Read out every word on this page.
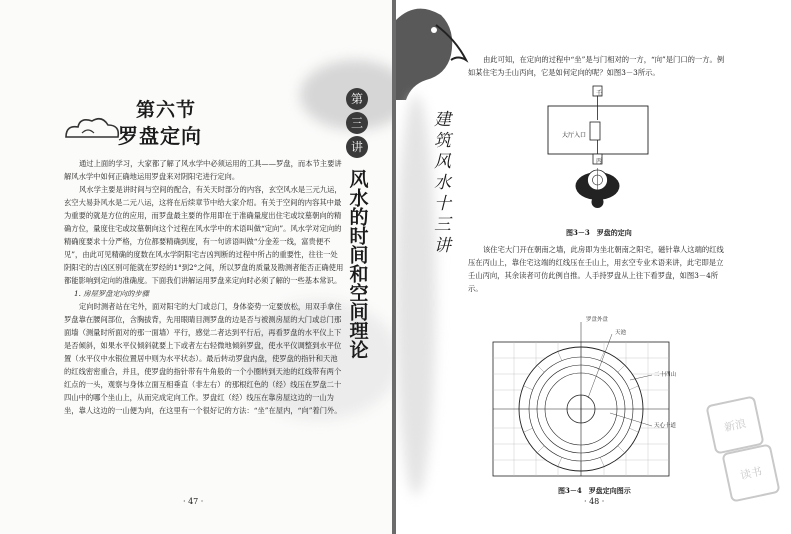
第六节
罗盘定向
第
三
讲
风水的时间和空间理论

通过上面的学习，大家都了解了风水学中必须运用的工具——罗盘，而本节主要讲解风水学中如何正确地运用罗盘来对阴阳宅进行定向。

风水学主要是讲时间与空间的配合，有关天时部分的内容，玄空风水是三元九运，玄空大易卦风水是二元八运，这将在后续章节中给大家介绍。有关于空间的内容其中最为重要的就是方位的应用，而罗盘最主要的作用即在于准确量度出住宅或坟墓朝向的精确方位，量度住宅或坟墓朝向这个过程在风水学中的术语叫做“定向”。风水学对定向的精确度要求十分严格，方位都要精确到度，有一句谚语叫做“分金差一线，富贵便不见”，由此可见精确的度数在风水学阴阳宅吉凶判断的过程中所占的重要性，往往一处阴阳宅的吉凶区别可能就在罗经的1°到2°之间，所以罗盘的质量及勘测者能否正确使用都能影响到定向的准确度。下面我们讲解运用罗盘来定向时必须了解的一些基本常识。

1. 房屋罗盘定向的步骤

定向时测者站在宅外，面对阳宅的大门或总门，身体姿势一定要放松，用双手拿住罗盘靠在腰间部位，含胸拔背，先用眼睛目测罗盘的边是否与被测房屋的大门或总门那面墙（测量时所面对的那一面墙）平行，感觉二者达到平行后，再看罗盘的水平仪上下是否倾斜，如果水平仪倾斜就要上下或者左右轻微地倾斜罗盘，使水平仪调整到水平位置（水平仪中水银位置居中则为水平状态）。最后转动罗盘内盘，使罗盘的指针和天池的红线密密重合，并且，使罗盘的指针带有牛角般的一个小圈转到天池的红线带有两个红点的一头，观察与身体立面互相垂直（非左右）的那根红色的（经）线压在罗盘二十四山中的哪个坐山上，从而完成定向工作。罗盘红（经）线压在靠房屋这边的一山为坐，靠人这边的一山便为向，在这里有一个很好记的方法：“坐”在屋内，“向”着门外。

· 47 ·
建筑风水十三讲

由此可知，在定向的过程中“坐”是与门相对的一方，“向”是门口的一方。例如某住宅为壬山丙向，它是如何定向的呢？如图3－3所示。

壬
大厅入口
丙
图3－3　罗盘的定向

该住宅大门开在朝南之墙，此房即为坐北朝南之阳宅，磁针靠人这端的红线压在丙山上，靠住宅这端的红线压在壬山上，用玄空专业术语来讲，此宅即是立壬山丙向，其余读者可仿此例自推。人手持罗盘从上往下看罗盘，如图3－4所示。

罗盘外盘
天池
二十四山
天心十道
图3－4　罗盘定向图示
新浪
读书
· 48 ·
